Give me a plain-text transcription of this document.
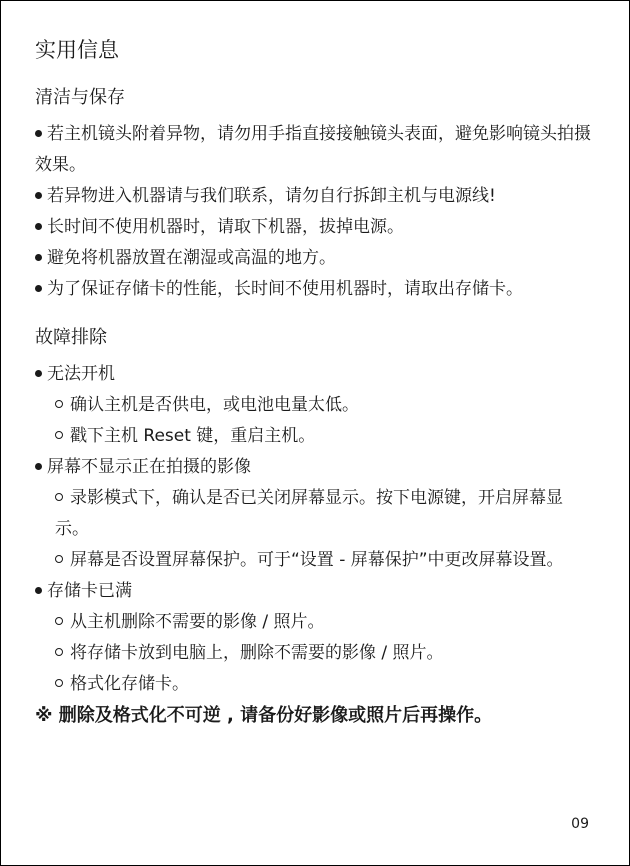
实用信息
清洁与保存

若主机镜头附着异物，请勿用手指直接接触镜头表面，避免影响镜头拍摄效果。

若异物进入机器请与我们联系，请勿自行拆卸主机与电源线!

长时间不使用机器时，请取下机器，拔掉电源。

避免将机器放置在潮湿或高温的地方。

为了保证存储卡的性能，长时间不使用机器时，请取出存储卡。

故障排除

无法开机

确认主机是否供电，或电池电量太低。

戳下主机 Reset 键，重启主机。

屏幕不显示正在拍摄的影像

录影模式下，确认是否已关闭屏幕显示。按下电源键，开启屏幕显示。

屏幕是否设置屏幕保护。可于“设置 - 屏幕保护”中更改屏幕设置。

存储卡已满

从主机删除不需要的影像 / 照片。

将存储卡放到电脑上，删除不需要的影像 / 照片。

格式化存储卡。

※ 删除及格式化不可逆 , 请备份好影像或照片后再操作。

09
